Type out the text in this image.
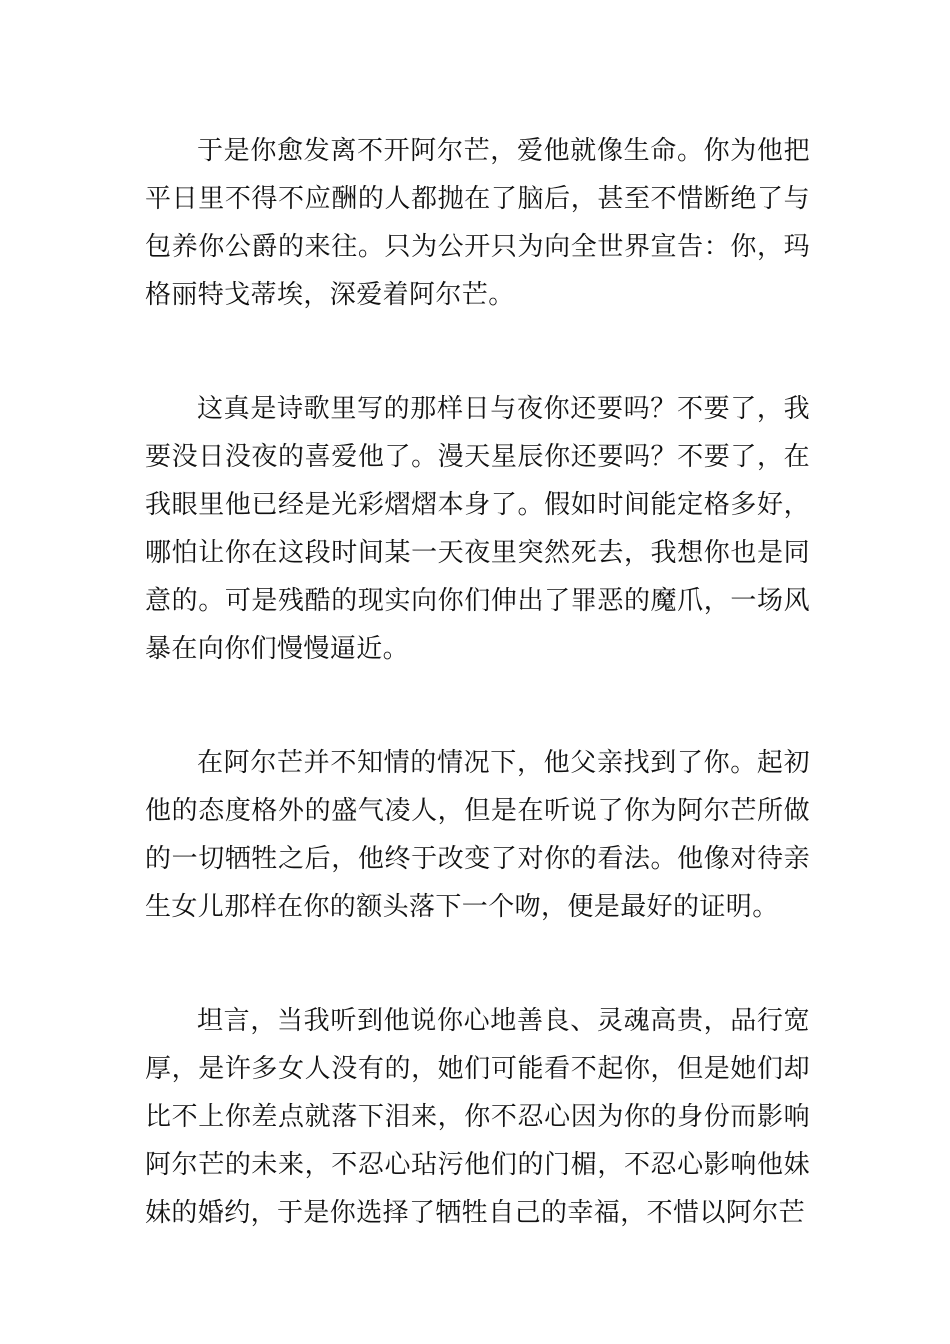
于是你愈发离不开阿尔芒，爱他就像生命。你为他把平日里不得不应酬的人都抛在了脑后，甚至不惜断绝了与包养你公爵的来往。只为公开只为向全世界宣告：你，玛格丽特戈蒂埃，深爱着阿尔芒。

这真是诗歌里写的那样日与夜你还要吗？不要了，我要没日没夜的喜爱他了。漫天星辰你还要吗？不要了，在我眼里他已经是光彩熠熠本身了。假如时间能定格多好，哪怕让你在这段时间某一天夜里突然死去，我想你也是同意的。可是残酷的现实向你们伸出了罪恶的魔爪，一场风暴在向你们慢慢逼近。

在阿尔芒并不知情的情况下，他父亲找到了你。起初他的态度格外的盛气凌人，但是在听说了你为阿尔芒所做的一切牺牲之后，他终于改变了对你的看法。他像对待亲生女儿那样在你的额头落下一个吻，便是最好的证明。

坦言，当我听到他说你心地善良、灵魂高贵，品行宽厚，是许多女人没有的，她们可能看不起你，但是她们却比不上你差点就落下泪来，你不忍心因为你的身份而影响阿尔芒的未来，不忍心玷污他们的门楣，不忍心影响他妹妹的婚约，于是你选择了牺牲自己的幸福，不惜以阿尔芒
